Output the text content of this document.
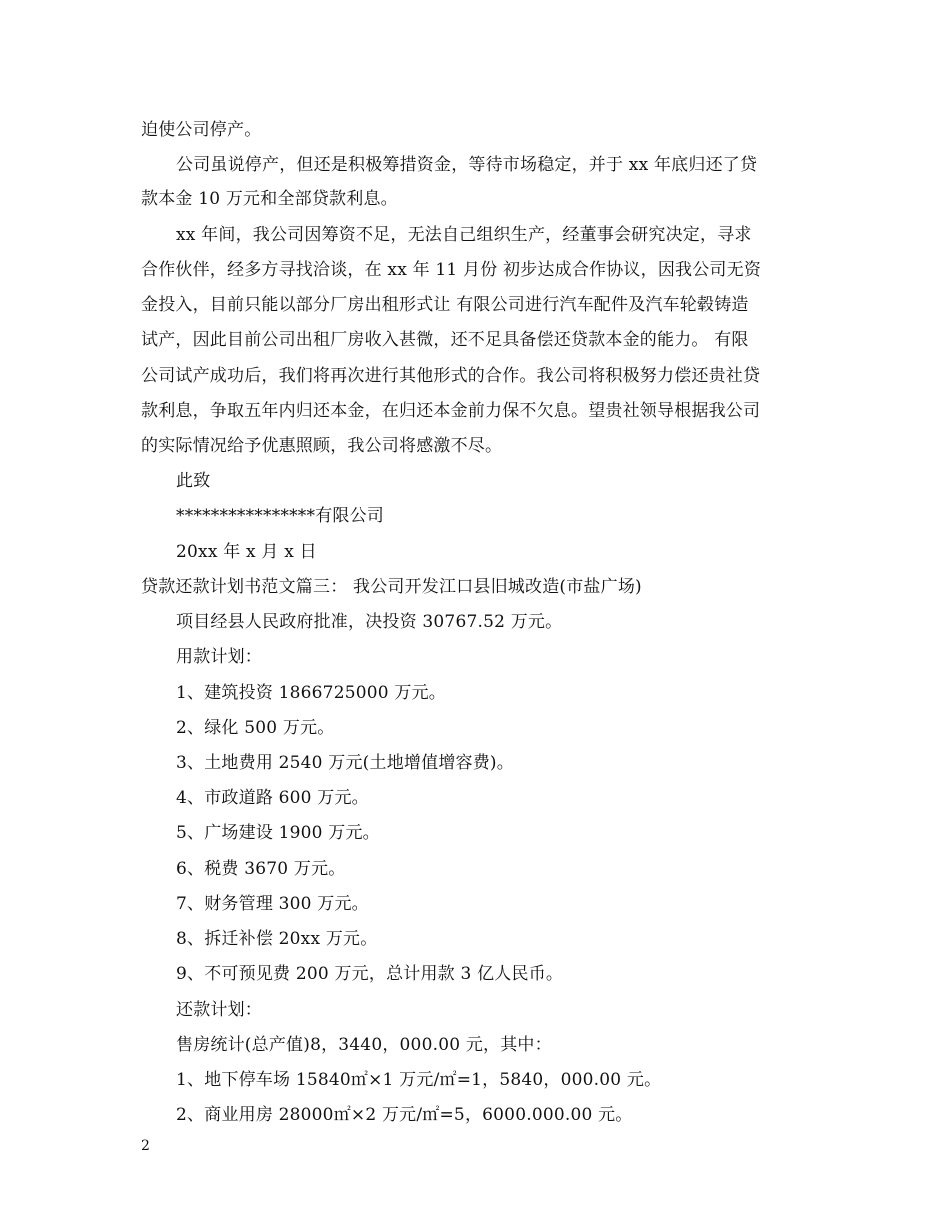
迫使公司停产。
公司虽说停产，但还是积极筹措资金，等待市场稳定，并于 xx 年底归还了贷
款本金 10 万元和全部贷款利息。
xx 年间，我公司因筹资不足，无法自己组织生产，经董事会研究决定，寻求
合作伙伴，经多方寻找洽谈，在 xx 年 11 月份 初步达成合作协议，因我公司无资
金投入，目前只能以部分厂房出租形式让 有限公司进行汽车配件及汽车轮毂铸造
试产，因此目前公司出租厂房收入甚微，还不足具备偿还贷款本金的能力。 有限
公司试产成功后，我们将再次进行其他形式的合作。我公司将积极努力偿还贵社贷
款利息，争取五年内归还本金，在归还本金前力保不欠息。望贵社领导根据我公司
的实际情况给予优惠照顾，我公司将感激不尽。
此致
****************有限公司
20xx 年 x 月 x 日
贷款还款计划书范文篇三： 我公司开发江口县旧城改造(市盐广场)
项目经县人民政府批准，决投资 30767.52 万元。
用款计划：
1、建筑投资 1866725000 万元。
2、绿化 500 万元。
3、土地费用 2540 万元(土地增值增容费)。
4、市政道路 600 万元。
5、广场建设 1900 万元。
6、税费 3670 万元。
7、财务管理 300 万元。
8、拆迁补偿 20xx 万元。
9、不可预见费 200 万元，总计用款 3 亿人民币。
还款计划：
售房统计(总产值)8，3440，000.00 元，其中：
1、地下停车场 15840㎡×1 万元/㎡=1，5840，000.00 元。
2、商业用房 28000㎡×2 万元/㎡=5，6000.000.00 元。
2
